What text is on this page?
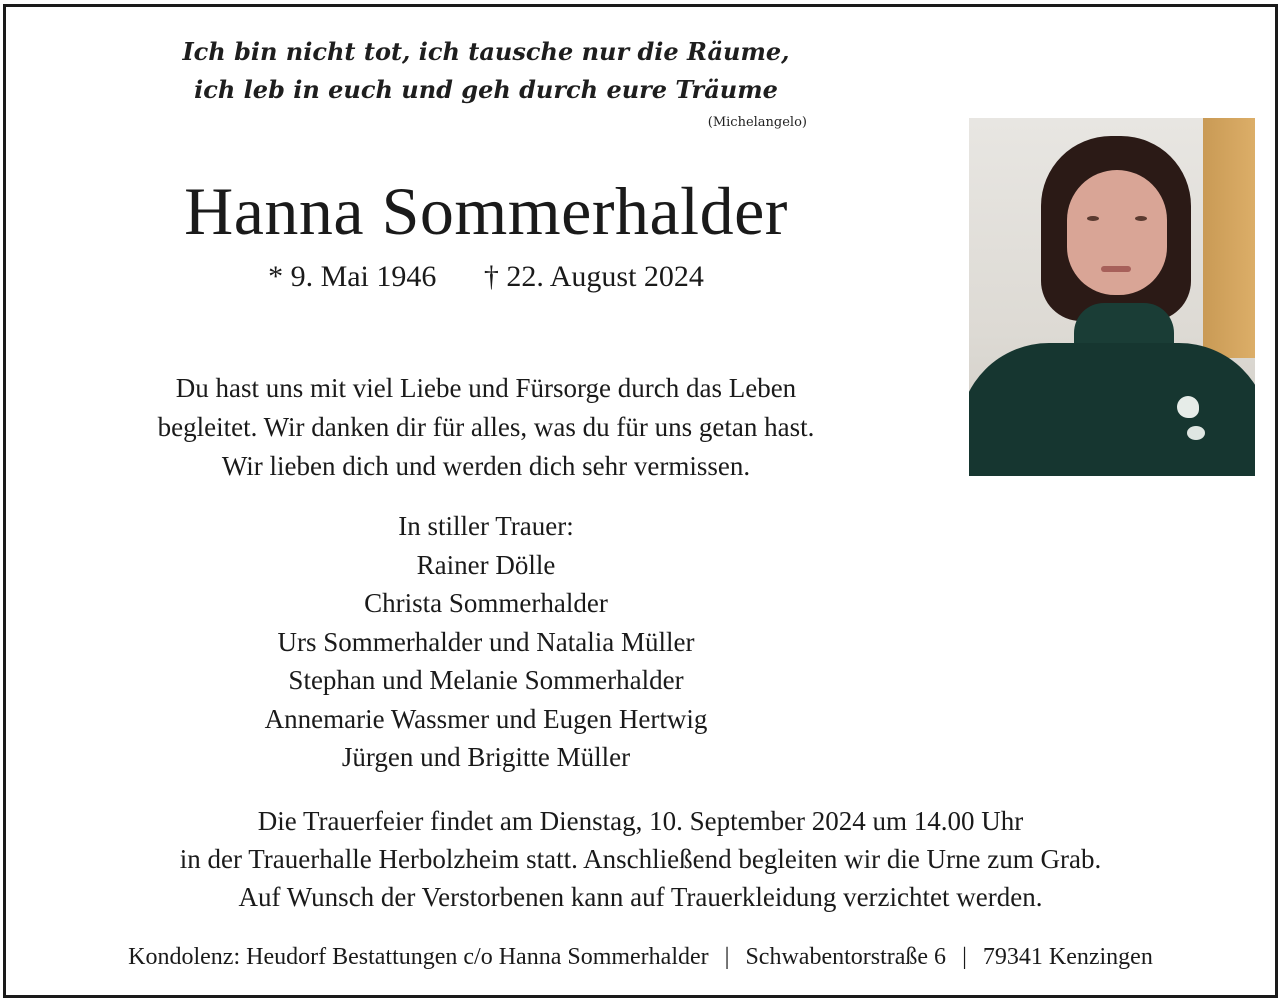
Ich bin nicht tot, ich tausche nur die Räume,
ich leb in euch und geh durch eure Träume
(Michelangelo)
Hanna Sommerhalder
* 9. Mai 1946 † 22. August 2024
Du hast uns mit viel Liebe und Fürsorge durch das Leben
begleitet. Wir danken dir für alles, was du für uns getan hast.
Wir lieben dich und werden dich sehr vermissen.
In stiller Trauer:
Rainer Dölle
Christa Sommerhalder
Urs Sommerhalder und Natalia Müller
Stephan und Melanie Sommerhalder
Annemarie Wassmer und Eugen Hertwig
Jürgen und Brigitte Müller
Die Trauerfeier findet am Dienstag, 10. September 2024 um 14.00 Uhr
in der Trauerhalle Herbolzheim statt. Anschließend begleiten wir die Urne zum Grab.
Auf Wunsch der Verstorbenen kann auf Trauerkleidung verzichtet werden.
Kondolenz: Heudorf Bestattungen c/o Hanna Sommerhalder | Schwabentorstraße 6 | 79341 Kenzingen
